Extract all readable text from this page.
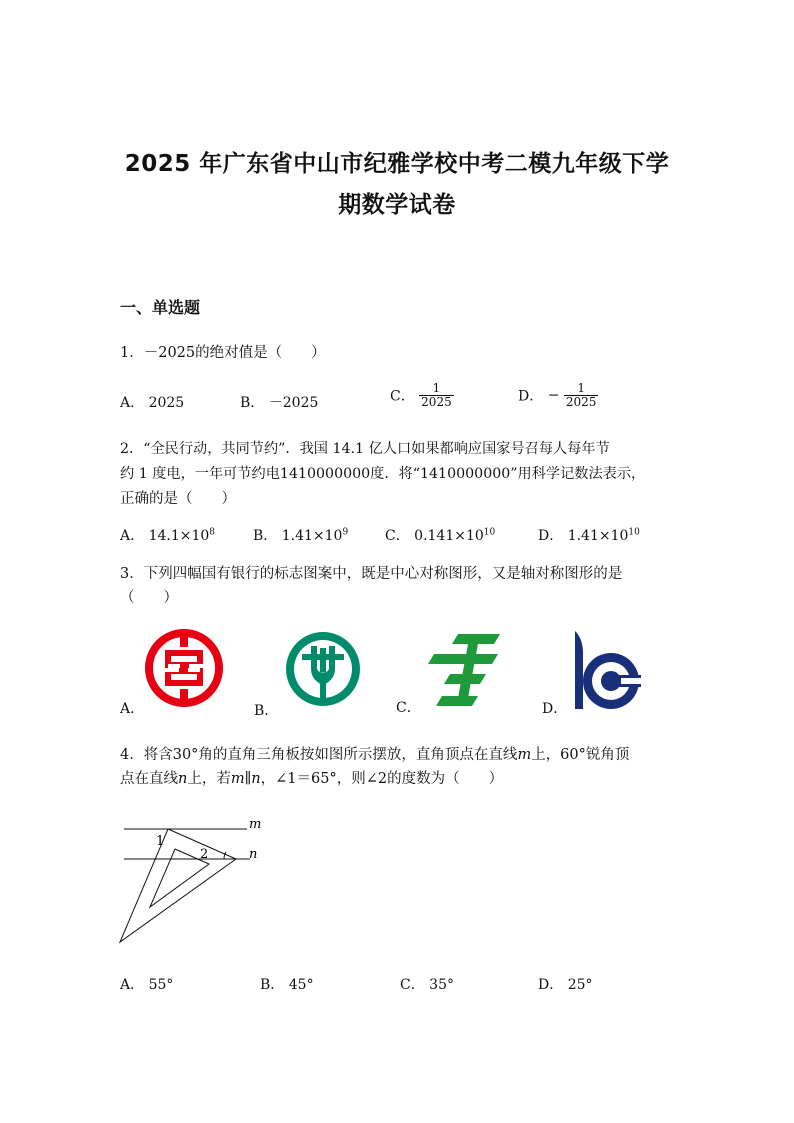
2025 年广东省中山市纪雅学校中考二模九年级下学
期数学试卷
一、单选题
1．－2025的绝对值是（　　）
A． 2025	B． －2025	C． $\frac{1}{2025}$	D． − $\frac{1}{2025}$
2．“全民行动，共同节约”．我国 14.1 亿人口如果都响应国家号召每人每年节
约 1 度电，一年可节约电1410000000度．将“1410000000”用科学记数法表示，
正确的是（　　）
A． $14.1\times 10^8$	B． $1.41\times 10^9$	C． $0.141\times 10^{10}$	D． $1.41\times 10^{10}$
3．下列四幅国有银行的标志图案中，既是中心对称图形，又是轴对称图形的是
（　　）
A．	B．	C．	D．
4．将含30°角的直角三角板按如图所示摆放，直角顶点在直线m上，60°锐角顶
点在直线n上，若m∥n，∠1＝65°，则∠2的度数为（　　）
m
n
1
2
A． 55°	B． 45°	C． 35°	D． 25°
